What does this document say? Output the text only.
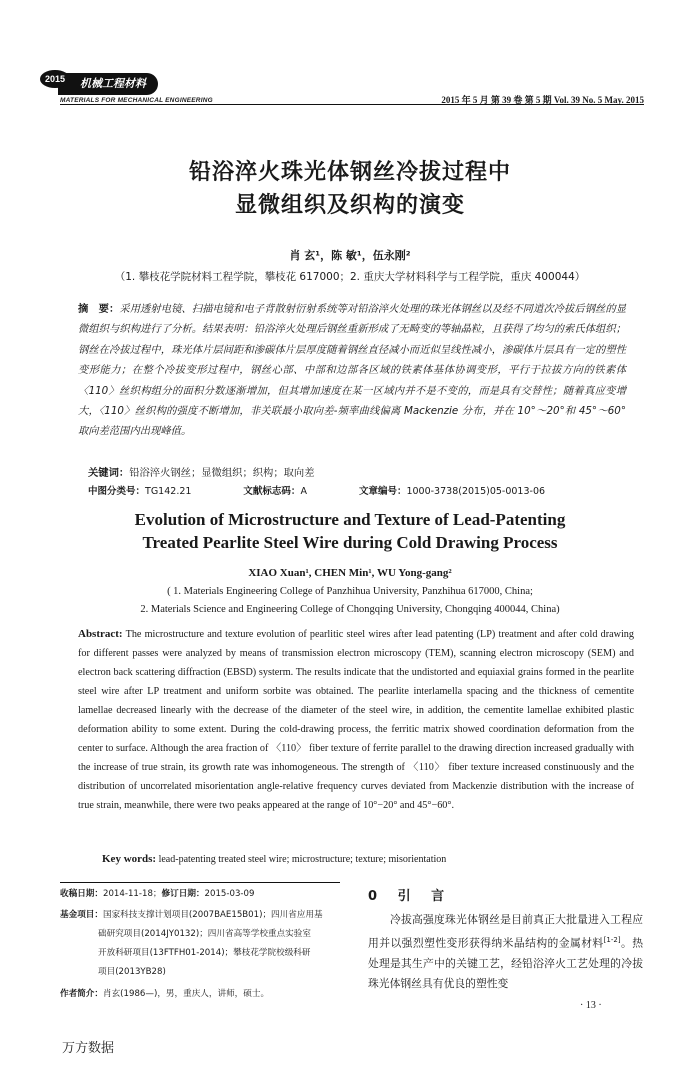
机械工程材料
2015
MATERIALS FOR MECHANICAL ENGINEERING	2015 年 5 月 第 39 卷 第 5 期 Vol. 39 No. 5 May. 2015
铅浴淬火珠光体钢丝冷拔过程中
显微组织及织构的演变
肖 玄¹，陈 敏¹，伍永刚²
（1. 攀枝花学院材料工程学院，攀枝花 617000；2. 重庆大学材料科学与工程学院，重庆 400044）
摘　要：采用透射电镜、扫描电镜和电子背散射衍射系统等对铅浴淬火处理的珠光体钢丝以及经不同道次冷拔后钢丝的显微组织与织构进行了分析。结果表明：铅浴淬火处理后钢丝重新形成了无畸变的等轴晶粒，且获得了均匀的索氏体组织；钢丝在冷拔过程中，珠光体片层间距和渗碳体片层厚度随着钢丝直径减小而近似呈线性减小，渗碳体片层具有一定的塑性变形能力；在整个冷拔变形过程中，钢丝心部、中部和边部各区域的铁素体基体协调变形，平行于拉拔方向的铁素体〈110〉丝织构组分的面积分数逐渐增加，但其增加速度在某一区域内并不是不变的，而是具有交替性；随着真应变增大，〈110〉丝织构的强度不断增加，非关联最小取向差-频率曲线偏离 Mackenzie 分布，并在 10°～20°和 45°～60°取向差范围内出现峰值。
关键词：铅浴淬火钢丝；显微组织；织构；取向差
中图分类号：TG142.21	文献标志码：A	文章编号：1000-3738(2015)05-0013-06
Evolution of Microstructure and Texture of Lead-Patenting
Treated Pearlite Steel Wire during Cold Drawing Process
XIAO Xuan¹, CHEN Min¹, WU Yong-gang²
( 1. Materials Engineering College of Panzhihua University, Panzhihua 617000, China;
2. Materials Science and Engineering College of Chongqing University, Chongqing 400044, China)
Abstract: The microstructure and texture evolution of pearlitic steel wires after lead patenting (LP) treatment and after cold drawing for different passes were analyzed by means of transmission electron microscopy (TEM), scanning electron microscopy (SEM) and electron back scattering diffraction (EBSD) systerm. The results indicate that the undistorted and equiaxial grains formed in the pearlite steel wire after LP treatment and uniform sorbite was obtained. The pearlite interlamella spacing and the thickness of cementite lamellae decreased linearly with the decrease of the diameter of the steel wire, in addition, the cementite lamellae exhibited plastic deformation ability to some extent. During the cold-drawing process, the ferritic matrix showed coordination deformation from the center to surface. Although the area fraction of 〈110〉 fiber texture of ferrite parallel to the drawing direction increased gradually with the increase of true strain, its growth rate was inhomogeneous. The strength of 〈110〉 fiber texture increased constinuously and the distribution of uncorrelated misorientation angle-relative frequency curves deviated from Mackenzie distribution with the increase of true strain, meanwhile, there were two peaks appeared at the range of 10°−20° and 45°−60°.
Key words: lead-patenting treated steel wire; microstructure; texture; misorientation
收稿日期：2014-11-18；修订日期：2015-03-09
基金项目：国家科技支撑计划项目(2007BAE15B01)；四川省应用基
础研究项目(2014JY0132)；四川省高等学校重点实验室
开放科研项目(13FTFH01-2014)；攀枝花学院校级科研
项目(2013YB28)
作者简介：肖玄(1986—)，男，重庆人，讲师，硕士。
0 引 言
冷拔高强度珠光体钢丝是目前真正大批量进入工程应用并以强烈塑性变形获得纳米晶结构的金属材料[1-2]。热处理是其生产中的关键工艺，经铅浴淬火工艺处理的冷拔珠光体钢丝具有优良的塑性变
· 13 ·
万方数据
